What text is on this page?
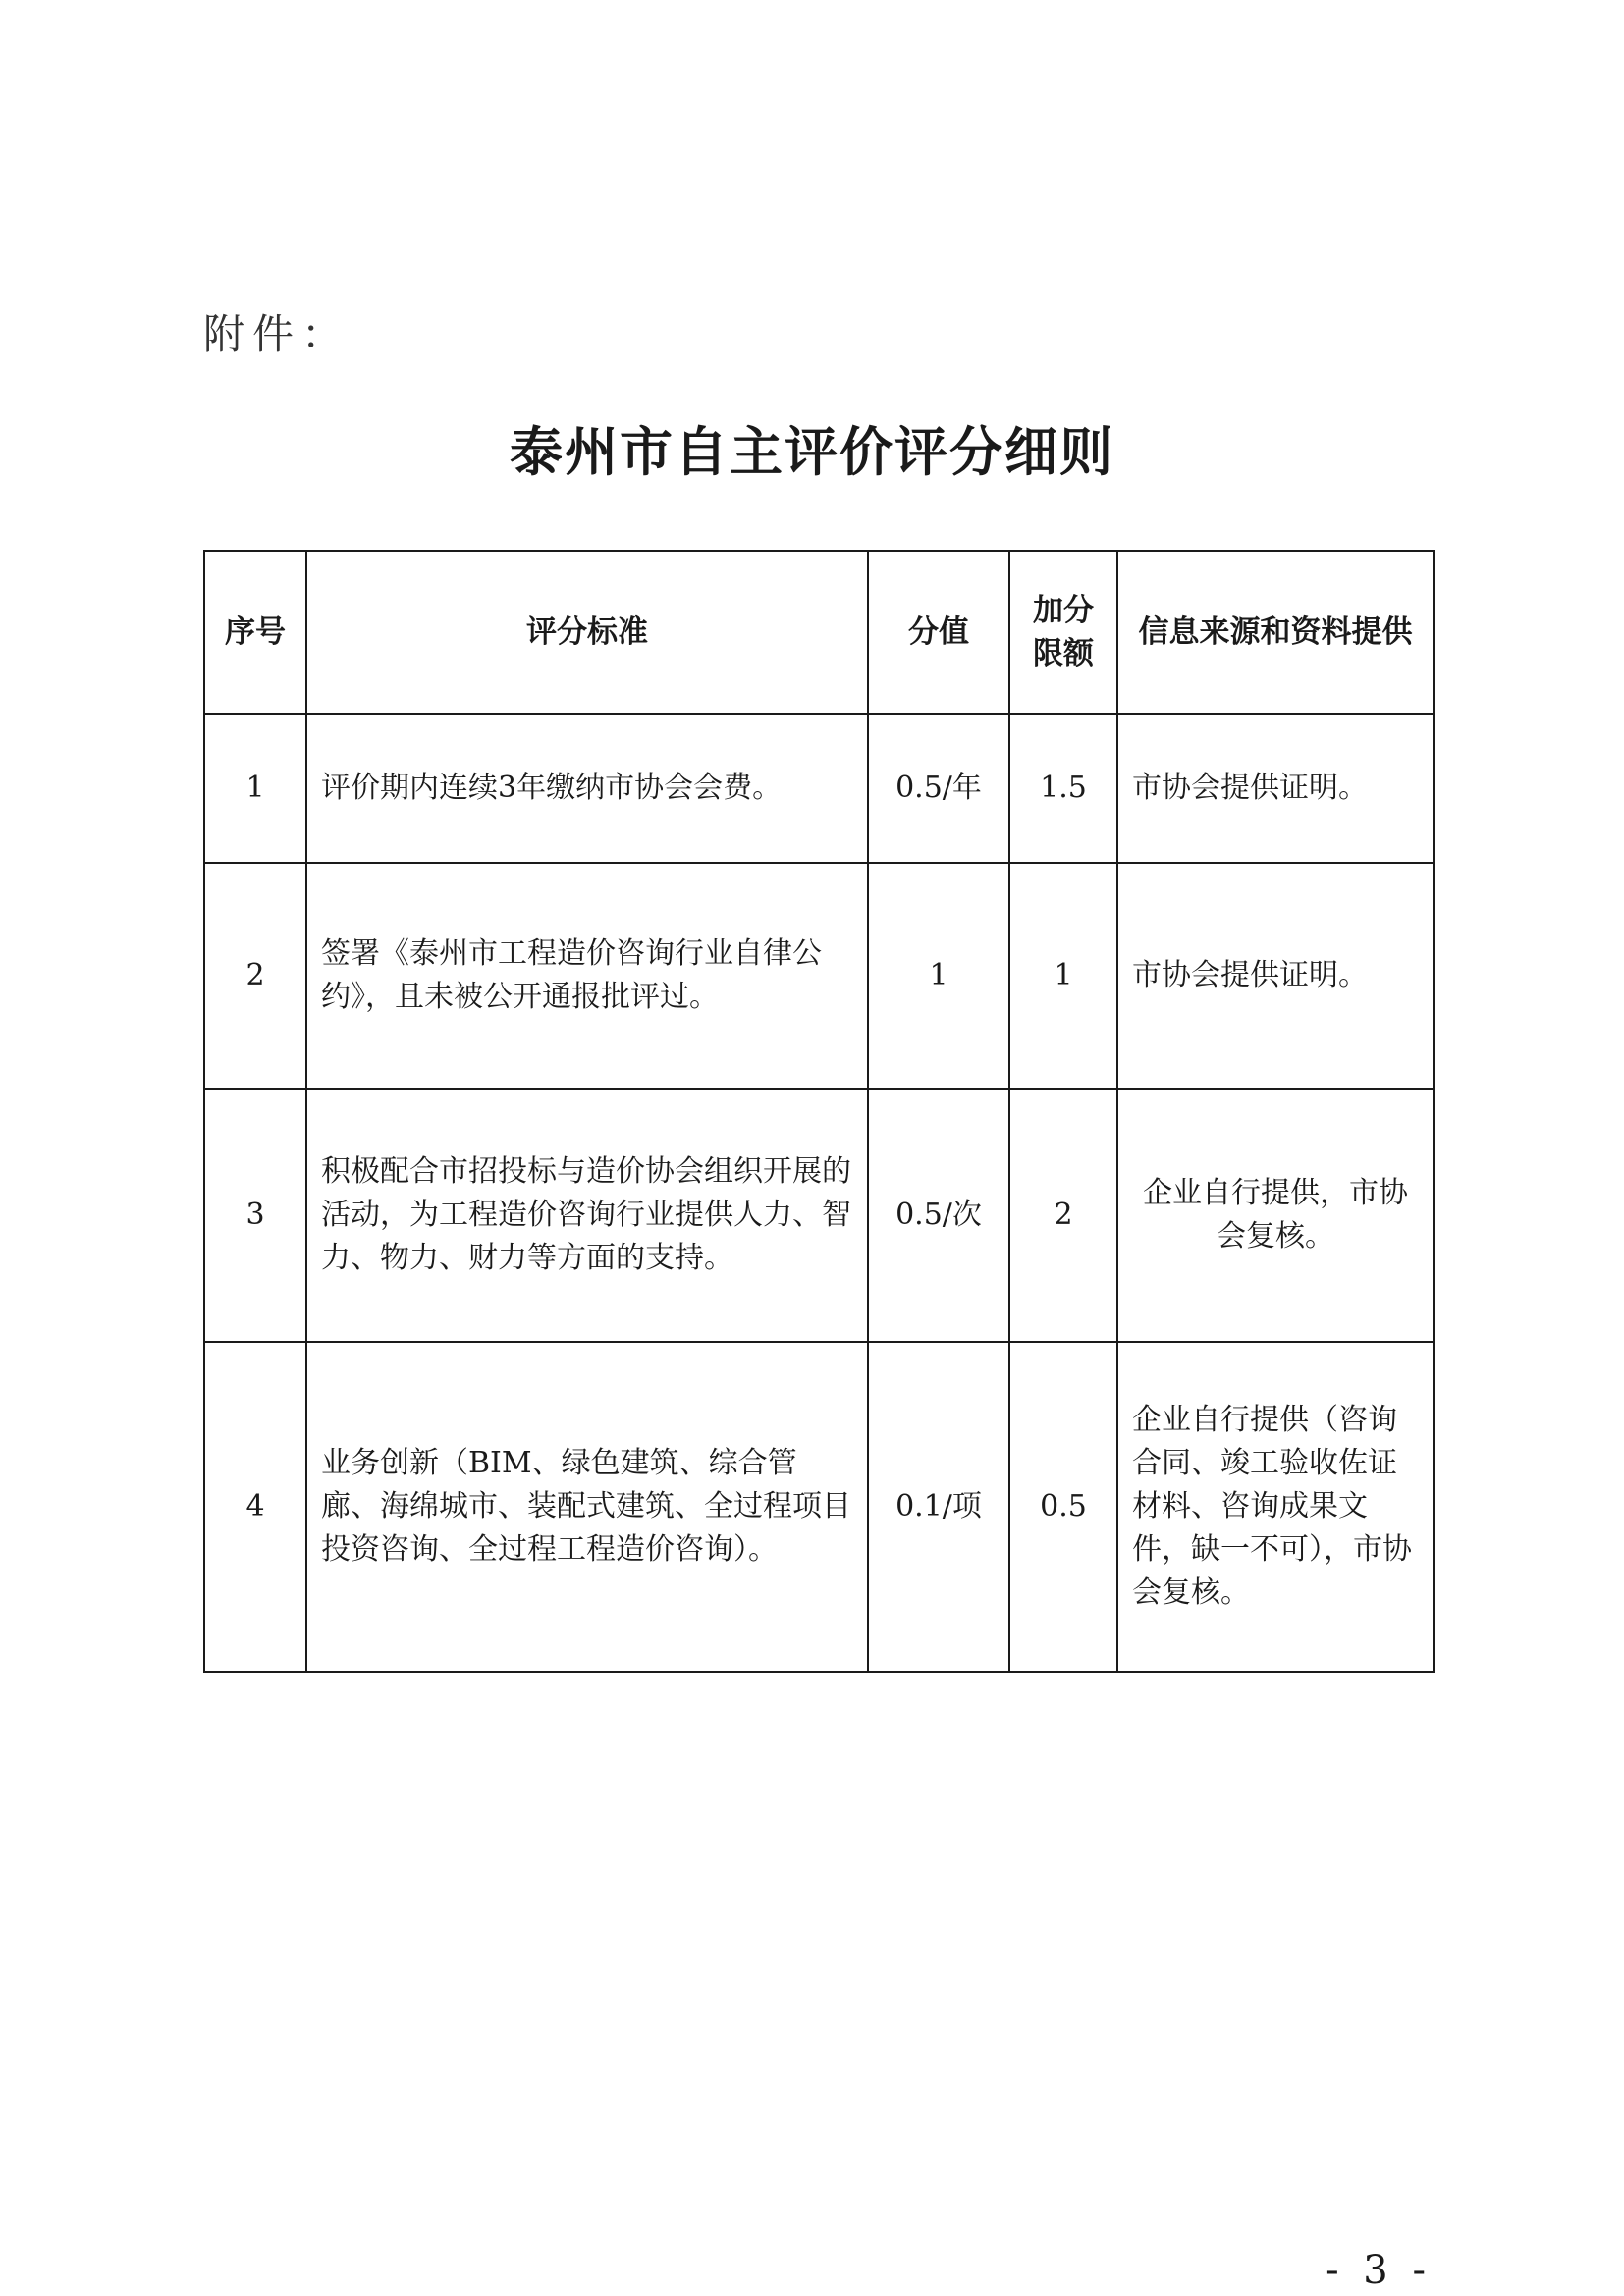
附件：
泰州市自主评价评分细则
序号	评分标准	分值	加分限额	信息来源和资料提供
1	评价期内连续3年缴纳市协会会费。	0.5/年	1.5	市协会提供证明。
2	签署《泰州市工程造价咨询行业自律公约》，且未被公开通报批评过。	1	1	市协会提供证明。
3	积极配合市招投标与造价协会组织开展的活动，为工程造价咨询行业提供人力、智力、物力、财力等方面的支持。	0.5/次	2	企业自行提供，市协会复核。
4	业务创新（BIM、绿色建筑、综合管廊、海绵城市、装配式建筑、全过程项目投资咨询、全过程工程造价咨询）。	0.1/项	0.5	企业自行提供（咨询合同、竣工验收佐证材料、咨询成果文件，缺一不可），市协会复核。
- 3 -
